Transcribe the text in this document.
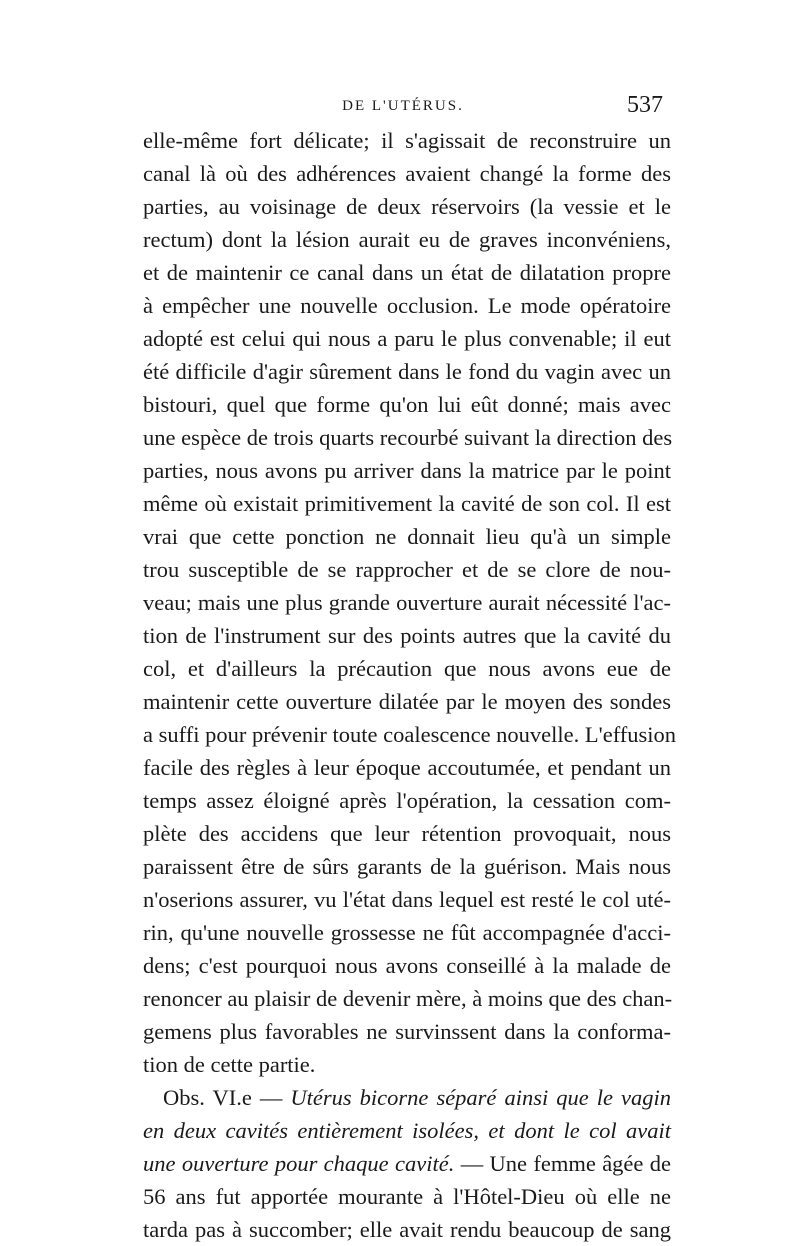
DE L'UTÉRUS.	537
elle-même fort délicate; il s'agissait de reconstruire un
canal là où des adhérences avaient changé la forme des
parties, au voisinage de deux réservoirs (la vessie et le
rectum) dont la lésion aurait eu de graves inconvéniens,
et de maintenir ce canal dans un état de dilatation propre
à empêcher une nouvelle occlusion. Le mode opératoire
adopté est celui qui nous a paru le plus convenable; il eut
été difficile d'agir sûrement dans le fond du vagin avec un
bistouri, quel que forme qu'on lui eût donné; mais avec
une espèce de trois quarts recourbé suivant la direction des
parties, nous avons pu arriver dans la matrice par le point
même où existait primitivement la cavité de son col. Il est
vrai que cette ponction ne donnait lieu qu'à un simple
trou susceptible de se rapprocher et de se clore de nou-
veau; mais une plus grande ouverture aurait nécessité l'ac-
tion de l'instrument sur des points autres que la cavité du
col, et d'ailleurs la précaution que nous avons eue de
maintenir cette ouverture dilatée par le moyen des sondes
a suffi pour prévenir toute coalescence nouvelle. L'effusion
facile des règles à leur époque accoutumée, et pendant un
temps assez éloigné après l'opération, la cessation com-
plète des accidens que leur rétention provoquait, nous
paraissent être de sûrs garants de la guérison. Mais nous
n'oserions assurer, vu l'état dans lequel est resté le col uté-
rin, qu'une nouvelle grossesse ne fût accompagnée d'acci-
dens; c'est pourquoi nous avons conseillé à la malade de
renoncer au plaisir de devenir mère, à moins que des chan-
gemens plus favorables ne survinssent dans la conforma-
tion de cette partie.
Obs. VI.e — Utérus bicorne séparé ainsi que le vagin
en deux cavités entièrement isolées, et dont le col avait
une ouverture pour chaque cavité. — Une femme âgée de
56 ans fut apportée mourante à l'Hôtel-Dieu où elle ne
tarda pas à succomber; elle avait rendu beaucoup de sang
